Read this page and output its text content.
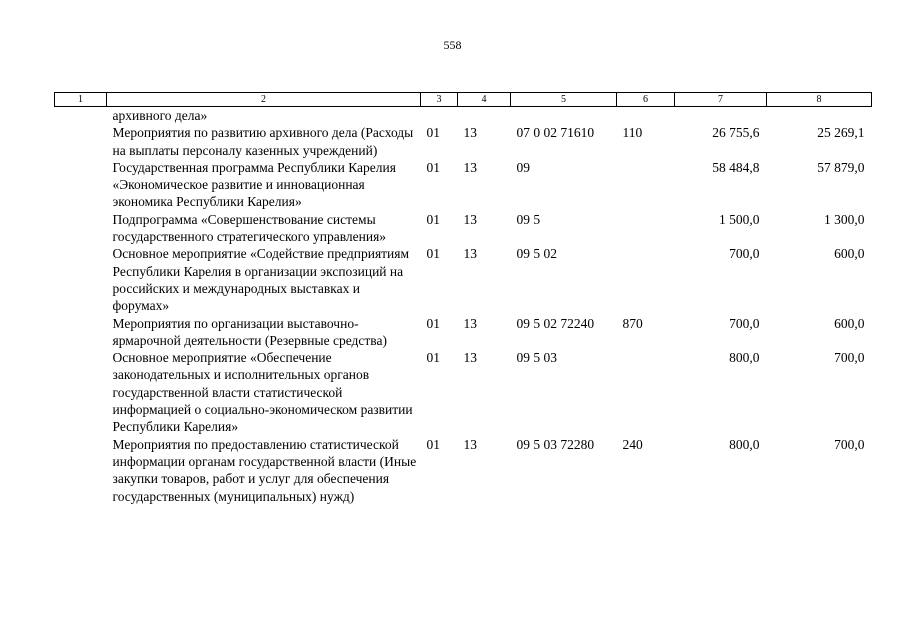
558
1	2	3	4	5	6	7	8
	архивного дела»						
	Мероприятия по развитию архивного дела (Расходы на выплаты персоналу казенных учреждений)	01	13	07 0 02 71610	110	26 755,6	25 269,1
	Государственная программа Республики Карелия «Экономическое развитие и инновационная экономика Республики Карелия»	01	13	09		58 484,8	57 879,0
	Подпрограмма «Совершенствование системы государственного стратегического управления»	01	13	09 5		1 500,0	1 300,0
	Основное мероприятие «Содействие предприятиям Республики Карелия в организации экспозиций на российских и международных выставках и форумах»	01	13	09 5 02		700,0	600,0
	Мероприятия по организации выставочно-ярмарочной деятельности (Резервные средства)	01	13	09 5 02 72240	870	700,0	600,0
	Основное мероприятие «Обеспечение законодательных и исполнительных органов государственной власти статистической информацией о социально-экономическом развитии Республики Карелия»	01	13	09 5 03		800,0	700,0
	Мероприятия по предоставлению статистической информации органам государственной власти (Иные закупки товаров, работ и услуг для обеспечения государственных (муниципальных) нужд)	01	13	09 5 03 72280	240	800,0	700,0
